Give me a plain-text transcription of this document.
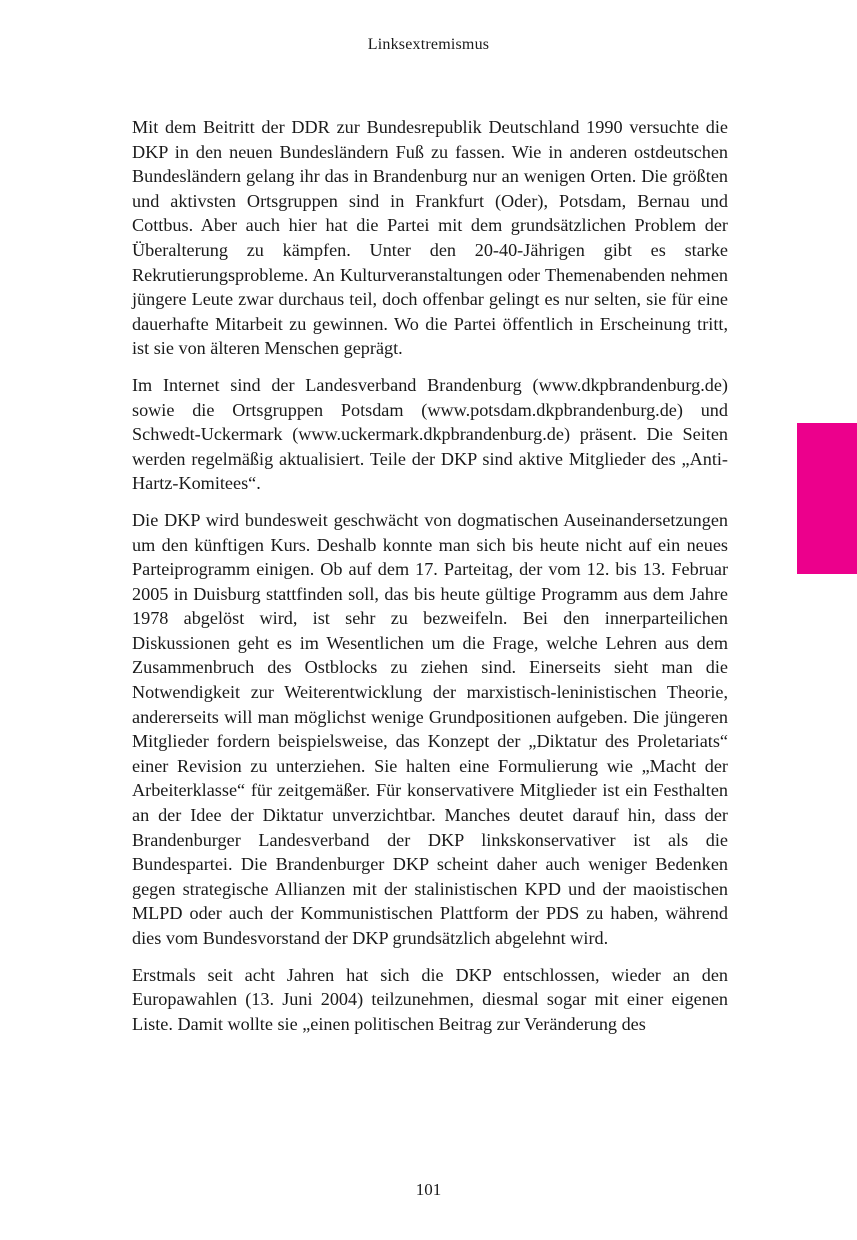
Linksextremismus

Mit dem Beitritt der DDR zur Bundesrepublik Deutschland 1990 versuchte die DKP in den neuen Bundesländern Fuß zu fassen. Wie in anderen ostdeutschen Bundesländern gelang ihr das in Brandenburg nur an wenigen Orten. Die größten und aktivsten Ortsgruppen sind in Frankfurt (Oder), Potsdam, Bernau und Cottbus. Aber auch hier hat die Partei mit dem grundsätzlichen Problem der Überalterung zu kämpfen. Unter den 20-40-Jährigen gibt es starke Rekrutierungsprobleme. An Kulturveranstaltungen oder Themenabenden nehmen jüngere Leute zwar durchaus teil, doch offenbar gelingt es nur selten, sie für eine dauerhafte Mitarbeit zu gewinnen. Wo die Partei öffentlich in Erscheinung tritt, ist sie von älteren Menschen geprägt.

Im Internet sind der Landesverband Brandenburg (www.dkpbrandenburg.de) sowie die Ortsgruppen Potsdam (www.potsdam.dkpbrandenburg.de) und Schwedt-Uckermark (www.uckermark.dkpbrandenburg.de) präsent. Die Seiten werden regelmäßig aktualisiert. Teile der DKP sind aktive Mitglieder des „Anti-Hartz-Komitees“.

Die DKP wird bundesweit geschwächt von dogmatischen Auseinandersetzungen um den künftigen Kurs. Deshalb konnte man sich bis heute nicht auf ein neues Parteiprogramm einigen. Ob auf dem 17. Parteitag, der vom 12. bis 13. Februar 2005 in Duisburg stattfinden soll, das bis heute gültige Programm aus dem Jahre 1978 abgelöst wird, ist sehr zu bezweifeln. Bei den innerparteilichen Diskussionen geht es im Wesentlichen um die Frage, welche Lehren aus dem Zusammenbruch des Ostblocks zu ziehen sind. Einerseits sieht man die Notwendigkeit zur Weiterentwicklung der marxistisch-leninistischen Theorie, andererseits will man möglichst wenige Grundpositionen aufgeben. Die jüngeren Mitglieder fordern beispielsweise, das Konzept der „Diktatur des Proletariats“ einer Revision zu unterziehen. Sie halten eine Formulierung wie „Macht der Arbeiterklasse“ für zeitgemäßer. Für konservativere Mitglieder ist ein Festhalten an der Idee der Diktatur unverzichtbar. Manches deutet darauf hin, dass der Brandenburger Landesverband der DKP linkskonservativer ist als die Bundespartei. Die Brandenburger DKP scheint daher auch weniger Bedenken gegen strategische Allianzen mit der stalinistischen KPD und der maoistischen MLPD oder auch der Kommunistischen Plattform der PDS zu haben, während dies vom Bundesvorstand der DKP grundsätzlich abgelehnt wird.

Erstmals seit acht Jahren hat sich die DKP entschlossen, wieder an den Europawahlen (13. Juni 2004) teilzunehmen, diesmal sogar mit einer eigenen Liste. Damit wollte sie „einen politischen Beitrag zur Veränderung des

101
